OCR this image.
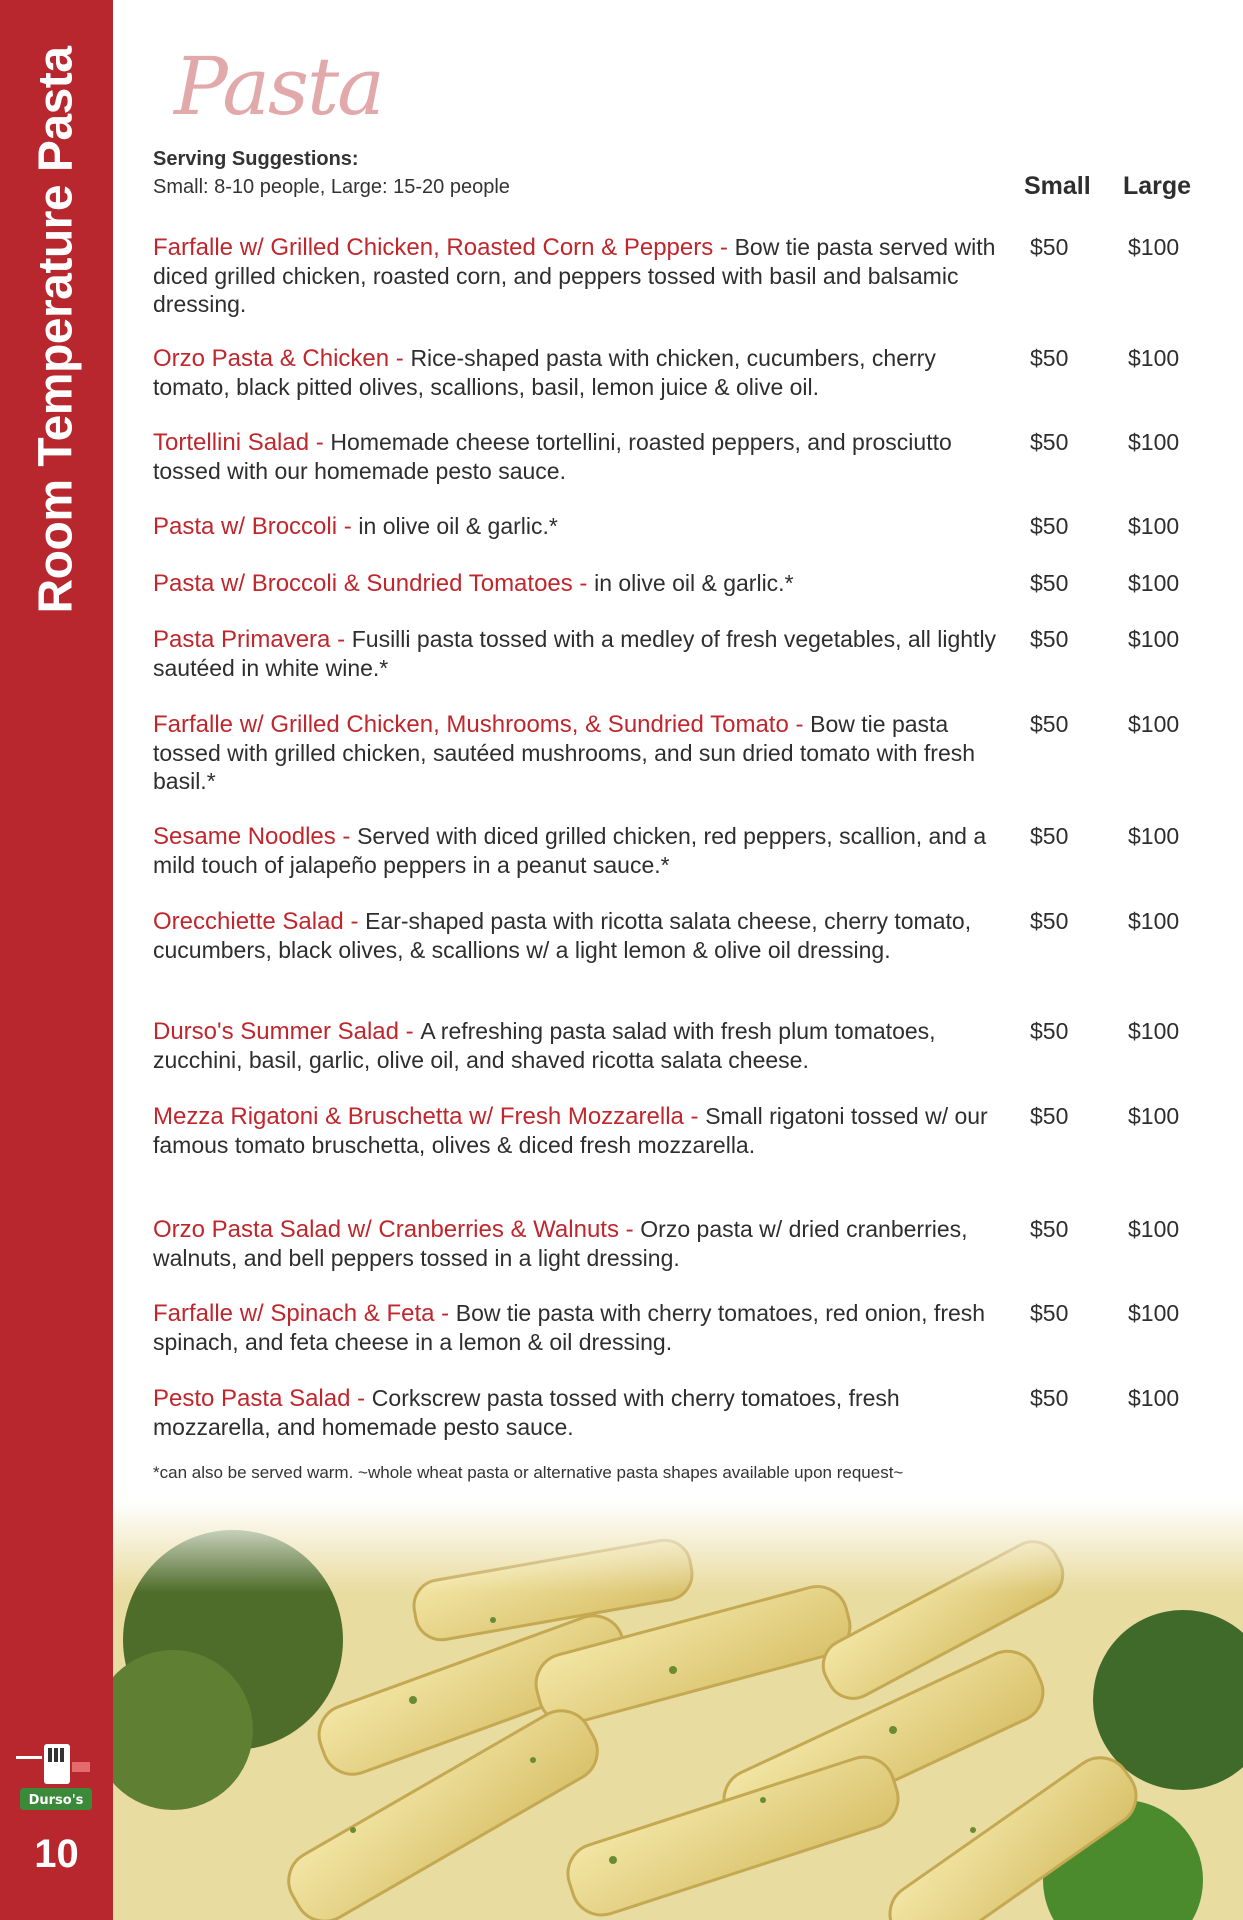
Room Temperature Pasta
Durso's
10
Pasta
Serving Suggestions:
Small: 8-10 people, Large: 15-20 people	Small Large
Farfalle w/ Grilled Chicken, Roasted Corn & Peppers - Bow tie pasta served with diced grilled chicken, roasted corn, and peppers tossed with basil and balsamic dressing.
$50	$100
Orzo Pasta & Chicken - Rice-shaped pasta with chicken, cucumbers, cherry tomato, black pitted olives, scallions, basil, lemon juice & olive oil.
$50	$100
Tortellini Salad - Homemade cheese tortellini, roasted peppers, and prosciutto tossed with our homemade pesto sauce.
$50	$100
Pasta w/ Broccoli - in olive oil & garlic.*	$50	$100
Pasta w/ Broccoli & Sundried Tomatoes - in olive oil & garlic.*	$50	$100
Pasta Primavera - Fusilli pasta tossed with a medley of fresh vegetables, all lightly sautéed in white wine.*
$50	$100
Farfalle w/ Grilled Chicken, Mushrooms, & Sundried Tomato - Bow tie pasta tossed with grilled chicken, sautéed mushrooms, and sun dried tomato with fresh basil.*
$50	$100
Sesame Noodles - Served with diced grilled chicken, red peppers, scallion, and a mild touch of jalapeño peppers in a peanut sauce.*
$50	$100
Orecchiette Salad - Ear-shaped pasta with ricotta salata cheese, cherry tomato, cucumbers, black olives, & scallions w/ a light lemon & olive oil dressing.
$50	$100
Durso's Summer Salad - A refreshing pasta salad with fresh plum tomatoes, zucchini, basil, garlic, olive oil, and shaved ricotta salata cheese.
$50	$100
Mezza Rigatoni & Bruschetta w/ Fresh Mozzarella - Small rigatoni tossed w/ our famous tomato bruschetta, olives & diced fresh mozzarella.
$50	$100
Orzo Pasta Salad w/ Cranberries & Walnuts - Orzo pasta w/ dried cranberries, walnuts, and bell peppers tossed in a light dressing.
$50	$100
Farfalle w/ Spinach & Feta - Bow tie pasta with cherry tomatoes, red onion, fresh spinach, and feta cheese in a lemon & oil dressing.
$50	$100
Pesto Pasta Salad - Corkscrew pasta tossed with cherry tomatoes, fresh mozzarella, and homemade pesto sauce.
$50	$100
*can also be served warm. ~whole wheat pasta or alternative pasta shapes available upon request~
